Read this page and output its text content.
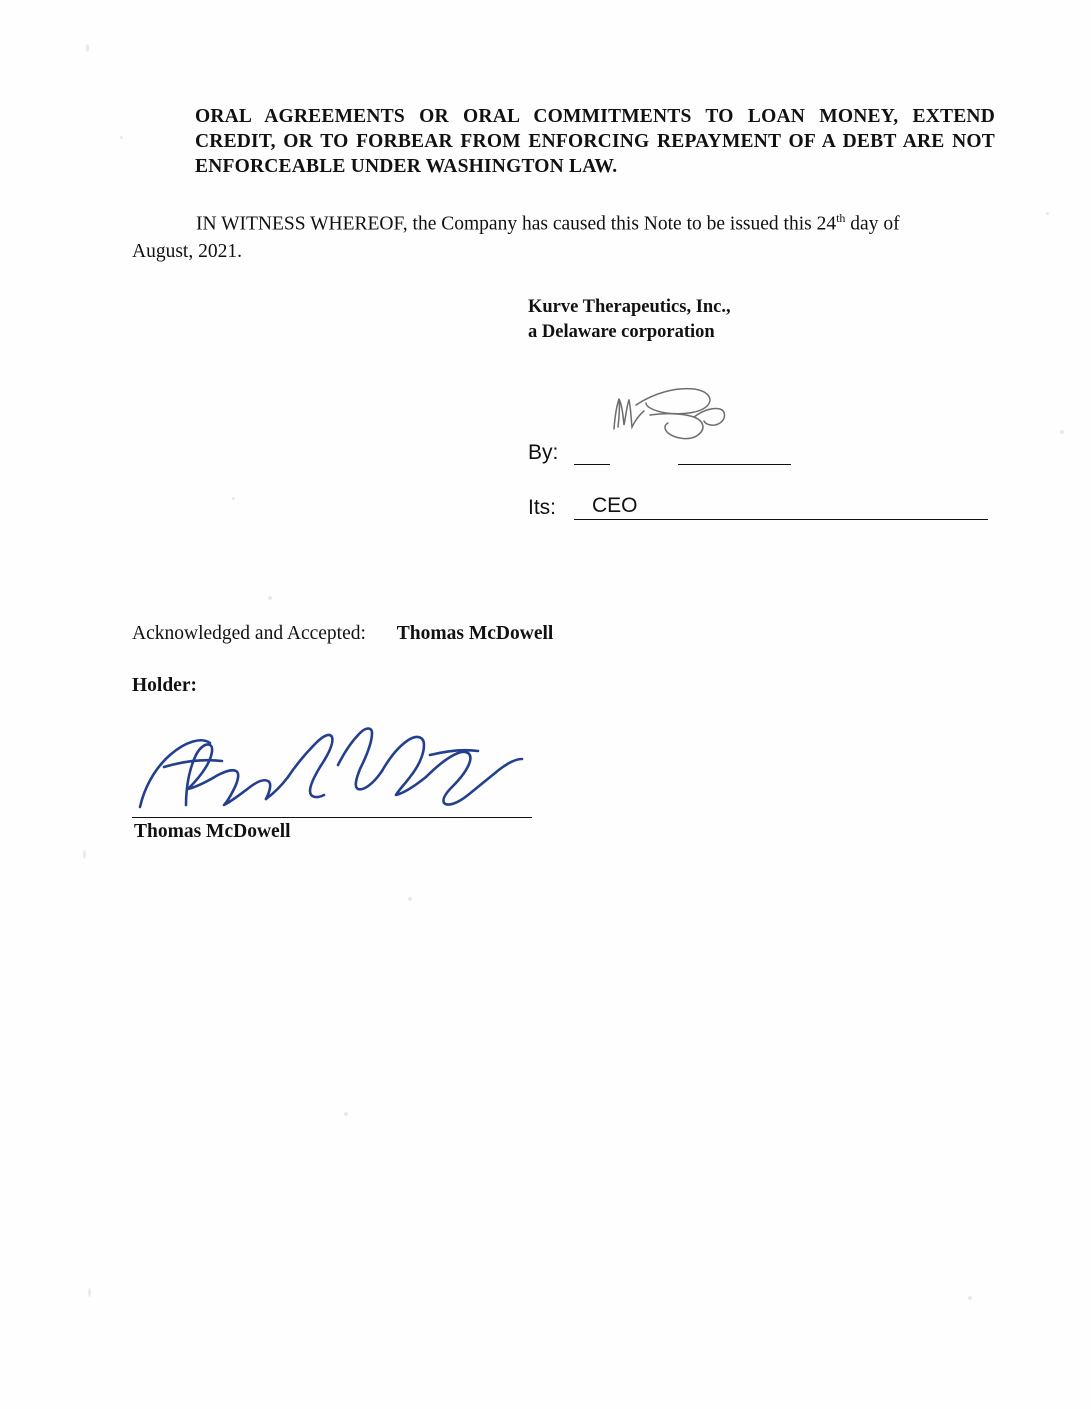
ORAL AGREEMENTS OR ORAL COMMITMENTS TO LOAN MONEY, EXTEND
CREDIT, OR TO FORBEAR FROM ENFORCING REPAYMENT OF A DEBT ARE NOT
ENFORCEABLE UNDER WASHINGTON LAW.

IN WITNESS WHEREOF, the Company has caused this Note to be issued this 24th day of

August, 2021.

Kurve Therapeutics, Inc.,
a Delaware corporation
By:
Its:	CEO
Acknowledged and Accepted: Thomas McDowell
Holder:
Thomas McDowell
